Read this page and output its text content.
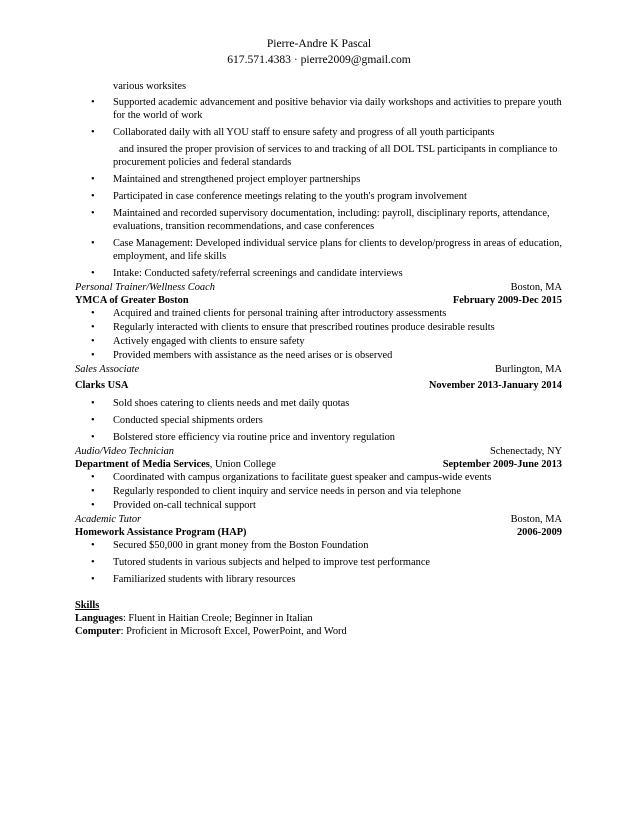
Pierre-Andre K Pascal
617.571.4383 · pierre2009@gmail.com
various worksites
• Supported academic advancement and positive behavior via daily workshops and activities to prepare youth for the world of work
• Collaborated daily with all YOU staff to ensure safety and progress of all youth participants
and insured the proper provision of services to and tracking of all DOL TSL participants in compliance to procurement policies and federal standards
• Maintained and strengthened project employer partnerships
• Participated in case conference meetings relating to the youth's program involvement
• Maintained and recorded supervisory documentation, including: payroll, disciplinary reports, attendance, evaluations, transition recommendations, and case conferences
• Case Management: Developed individual service plans for clients to develop/progress in areas of education, employment, and life skills
• Intake: Conducted safety/referral screenings and candidate interviews
Personal Trainer/Wellness Coach	Boston, MA
YMCA of Greater Boston	February 2009-Dec 2015
• Acquired and trained clients for personal training after introductory assessments
• Regularly interacted with clients to ensure that prescribed routines produce desirable results
• Actively engaged with clients to ensure safety
• Provided members with assistance as the need arises or is observed
Sales Associate	Burlington, MA
Clarks USA	November 2013-January 2014
• Sold shoes catering to clients needs and met daily quotas
• Conducted special shipments orders
• Bolstered store efficiency via routine price and inventory regulation
Audio/Video Technician	Schenectady, NY
Department of Media Services, Union College	September 2009-June 2013
• Coordinated with campus organizations to facilitate guest speaker and campus-wide events
• Regularly responded to client inquiry and service needs in person and via telephone
• Provided on-call technical support
Academic Tutor	Boston, MA
Homework Assistance Program (HAP)	2006-2009
• Secured $50,000 in grant money from the Boston Foundation
• Tutored students in various subjects and helped to improve test performance
• Familiarized students with library resources
Skills
Languages: Fluent in Haitian Creole; Beginner in Italian
Computer: Proficient in Microsoft Excel, PowerPoint, and Word
